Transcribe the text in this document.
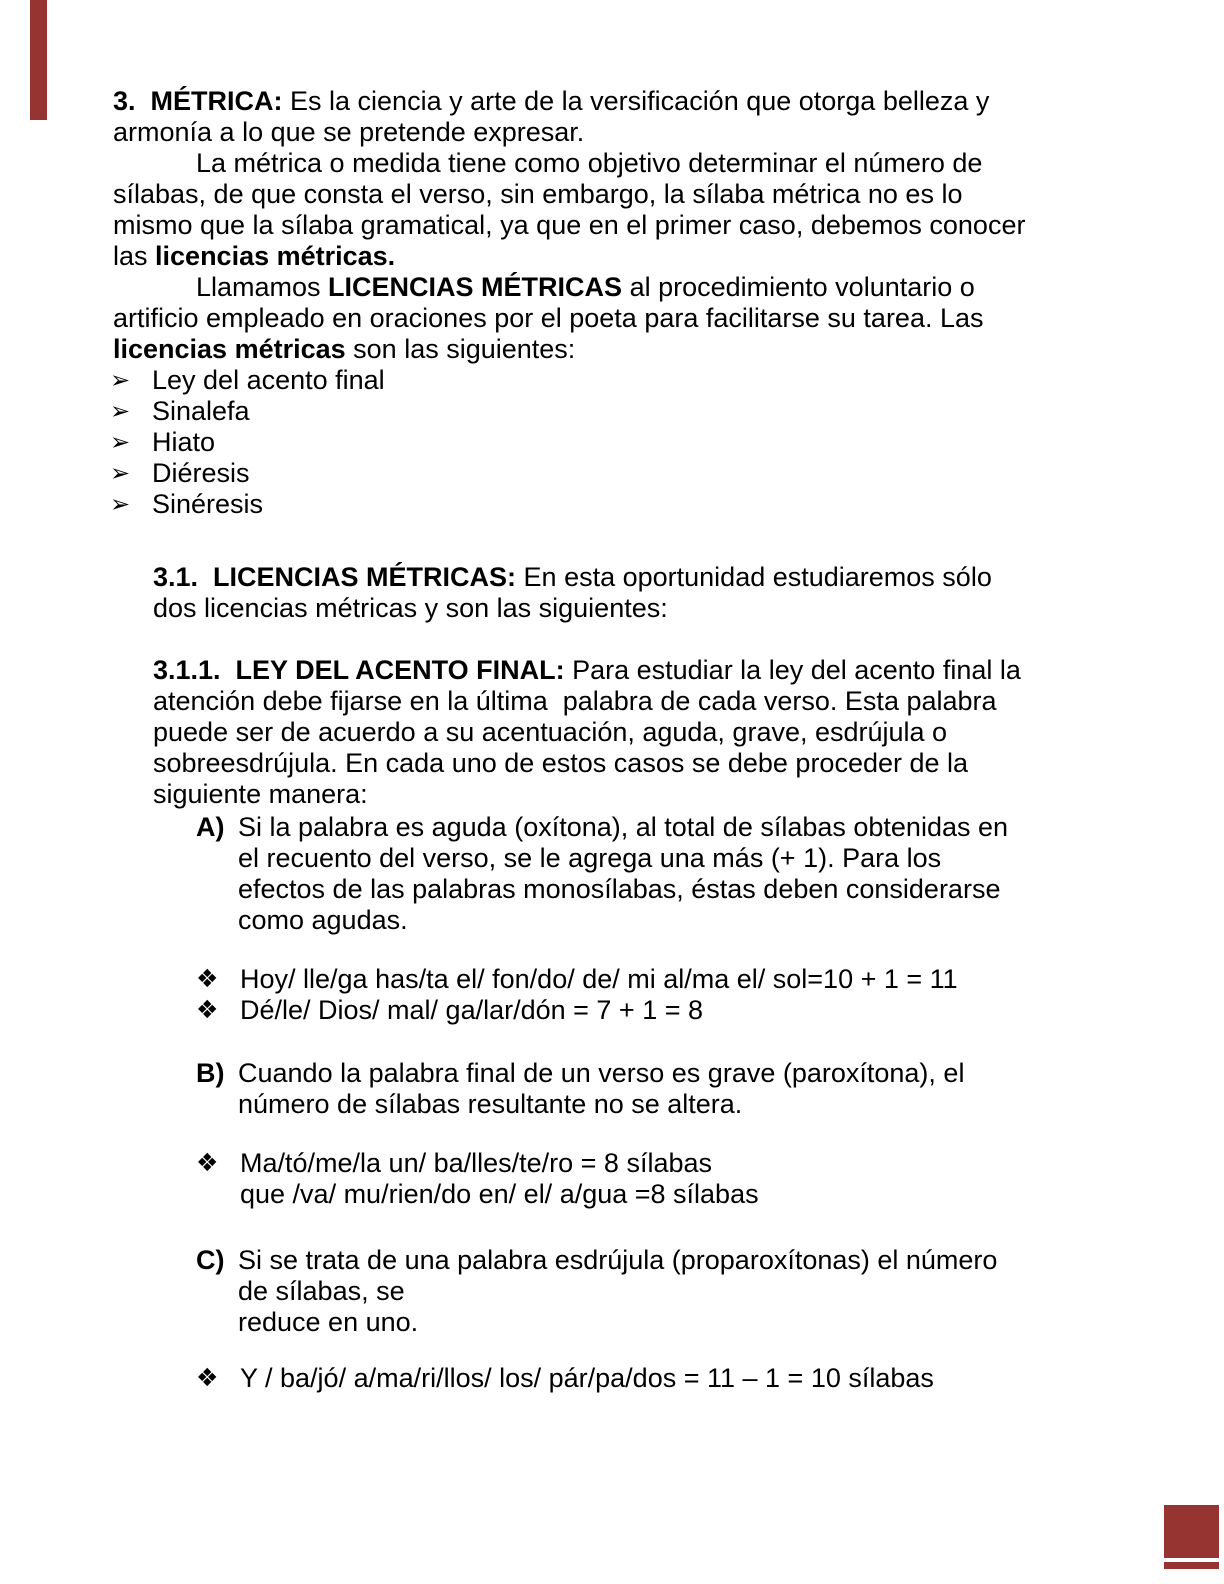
3.  MÉTRICA: Es la ciencia y arte de la versificación que otorga belleza y
armonía a lo que se pretende expresar.
La métrica o medida tiene como objetivo determinar el número de
sílabas, de que consta el verso, sin embargo, la sílaba métrica no es lo
mismo que la sílaba gramatical, ya que en el primer caso, debemos conocer
las licencias métricas.
Llamamos LICENCIAS MÉTRICAS al procedimiento voluntario o
artificio empleado en oraciones por el poeta para facilitarse su tarea. Las
licencias métricas son las siguientes:
➢ Ley del acento final
➢ Sinalefa
➢ Hiato
➢ Diéresis
➢ Sinéresis
3.1.  LICENCIAS MÉTRICAS: En esta oportunidad estudiaremos sólo
dos licencias métricas y son las siguientes:
3.1.1.  LEY DEL ACENTO FINAL: Para estudiar la ley del acento final la
atención debe fijarse en la última  palabra de cada verso. Esta palabra
puede ser de acuerdo a su acentuación, aguda, grave, esdrújula o
sobreesdrújula. En cada uno de estos casos se debe proceder de la
siguiente manera:
A) Si la palabra es aguda (oxítona), al total de sílabas obtenidas en
el recuento del verso, se le agrega una más (+ 1). Para los
efectos de las palabras monosílabas, éstas deben considerarse
como agudas.
❖ Hoy/ lle/ga has/ta el/ fon/do/ de/ mi al/ma el/ sol=10 + 1 = 11
❖ Dé/le/ Dios/ mal/ ga/lar/dón = 7 + 1 = 8
B) Cuando la palabra final de un verso es grave (paroxítona), el
número de sílabas resultante no se altera.
❖ Ma/tó/me/la un/ ba/lles/te/ro = 8 sílabas
que /va/ mu/rien/do en/ el/ a/gua =8 sílabas
C) Si se trata de una palabra esdrújula (proparoxítonas) el número
de sílabas, se
reduce en uno.
❖ Y / ba/jó/ a/ma/ri/llos/ los/ pár/pa/dos = 11 – 1 = 10 sílabas
